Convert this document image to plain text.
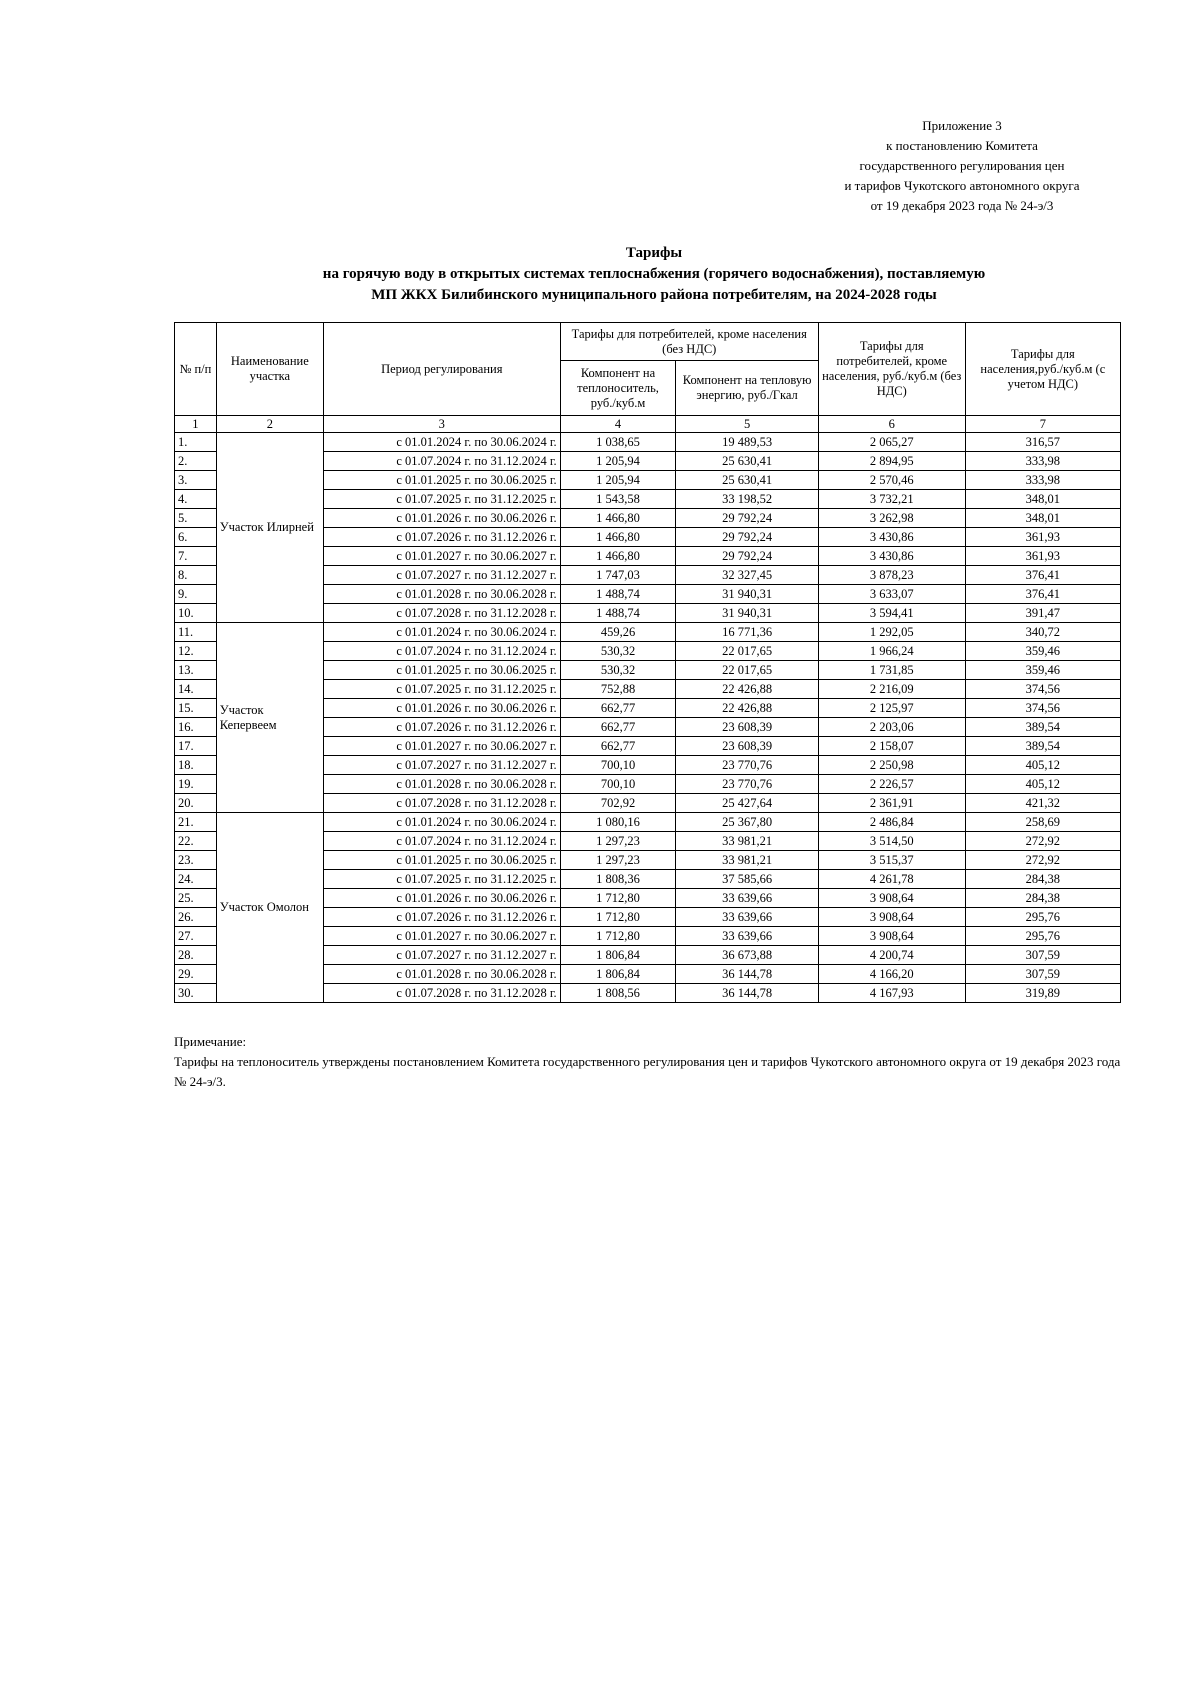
Приложение 3
к постановлению Комитета
государственного регулирования цен
и тарифов Чукотского автономного округа
от 19 декабря 2023 года № 24-э/3
Тарифы
на горячую воду в открытых системах теплоснабжения (горячего водоснабжения), поставляемую
МП ЖКХ Билибинского муниципального района потребителям, на 2024-2028 годы
№ п/п	Наименование участка	Период регулирования	Тарифы для потребителей, кроме населения (без НДС)		Тарифы для потребителей, кроме населения, руб./куб.м (без НДС)	Тарифы для населения,руб./куб.м (с учетом НДС)
			Компонент на теплоноситель, руб./куб.м	Компонент на тепловую энергию, руб./Гкал		
1	2	3	4	5	6	7
1.	Участок Илирней	с 01.01.2024 г. по 30.06.2024 г.	1 038,65	19 489,53	2 065,27	316,57
2.		с 01.07.2024 г. по 31.12.2024 г.	1 205,94	25 630,41	2 894,95	333,98
3.		с 01.01.2025 г. по 30.06.2025 г.	1 205,94	25 630,41	2 570,46	333,98
4.		с 01.07.2025 г. по 31.12.2025 г.	1 543,58	33 198,52	3 732,21	348,01
5.		с 01.01.2026 г. по 30.06.2026 г.	1 466,80	29 792,24	3 262,98	348,01
6.		с 01.07.2026 г. по 31.12.2026 г.	1 466,80	29 792,24	3 430,86	361,93
7.		с 01.01.2027 г. по 30.06.2027 г.	1 466,80	29 792,24	3 430,86	361,93
8.		с 01.07.2027 г. по 31.12.2027 г.	1 747,03	32 327,45	3 878,23	376,41
9.		с 01.01.2028 г. по 30.06.2028 г.	1 488,74	31 940,31	3 633,07	376,41
10.		с 01.07.2028 г. по 31.12.2028 г.	1 488,74	31 940,31	3 594,41	391,47
11.	Участок Кепервеем	с 01.01.2024 г. по 30.06.2024 г.	459,26	16 771,36	1 292,05	340,72
12.		с 01.07.2024 г. по 31.12.2024 г.	530,32	22 017,65	1 966,24	359,46
13.		с 01.01.2025 г. по 30.06.2025 г.	530,32	22 017,65	1 731,85	359,46
14.		с 01.07.2025 г. по 31.12.2025 г.	752,88	22 426,88	2 216,09	374,56
15.		с 01.01.2026 г. по 30.06.2026 г.	662,77	22 426,88	2 125,97	374,56
16.		с 01.07.2026 г. по 31.12.2026 г.	662,77	23 608,39	2 203,06	389,54
17.		с 01.01.2027 г. по 30.06.2027 г.	662,77	23 608,39	2 158,07	389,54
18.		с 01.07.2027 г. по 31.12.2027 г.	700,10	23 770,76	2 250,98	405,12
19.		с 01.01.2028 г. по 30.06.2028 г.	700,10	23 770,76	2 226,57	405,12
20.		с 01.07.2028 г. по 31.12.2028 г.	702,92	25 427,64	2 361,91	421,32
21.	Участок Омолон	с 01.01.2024 г. по 30.06.2024 г.	1 080,16	25 367,80	2 486,84	258,69
22.		с 01.07.2024 г. по 31.12.2024 г.	1 297,23	33 981,21	3 514,50	272,92
23.		с 01.01.2025 г. по 30.06.2025 г.	1 297,23	33 981,21	3 515,37	272,92
24.		с 01.07.2025 г. по 31.12.2025 г.	1 808,36	37 585,66	4 261,78	284,38
25.		с 01.01.2026 г. по 30.06.2026 г.	1 712,80	33 639,66	3 908,64	284,38
26.		с 01.07.2026 г. по 31.12.2026 г.	1 712,80	33 639,66	3 908,64	295,76
27.		с 01.01.2027 г. по 30.06.2027 г.	1 712,80	33 639,66	3 908,64	295,76
28.		с 01.07.2027 г. по 31.12.2027 г.	1 806,84	36 673,88	4 200,74	307,59
29.		с 01.01.2028 г. по 30.06.2028 г.	1 806,84	36 144,78	4 166,20	307,59
30.		с 01.07.2028 г. по 31.12.2028 г.	1 808,56	36 144,78	4 167,93	319,89
Примечание:
Тарифы на теплоноситель утверждены постановлением Комитета государственного регулирования цен и тарифов Чукотского автономного округа от 19 декабря 2023 года № 24-э/3.
